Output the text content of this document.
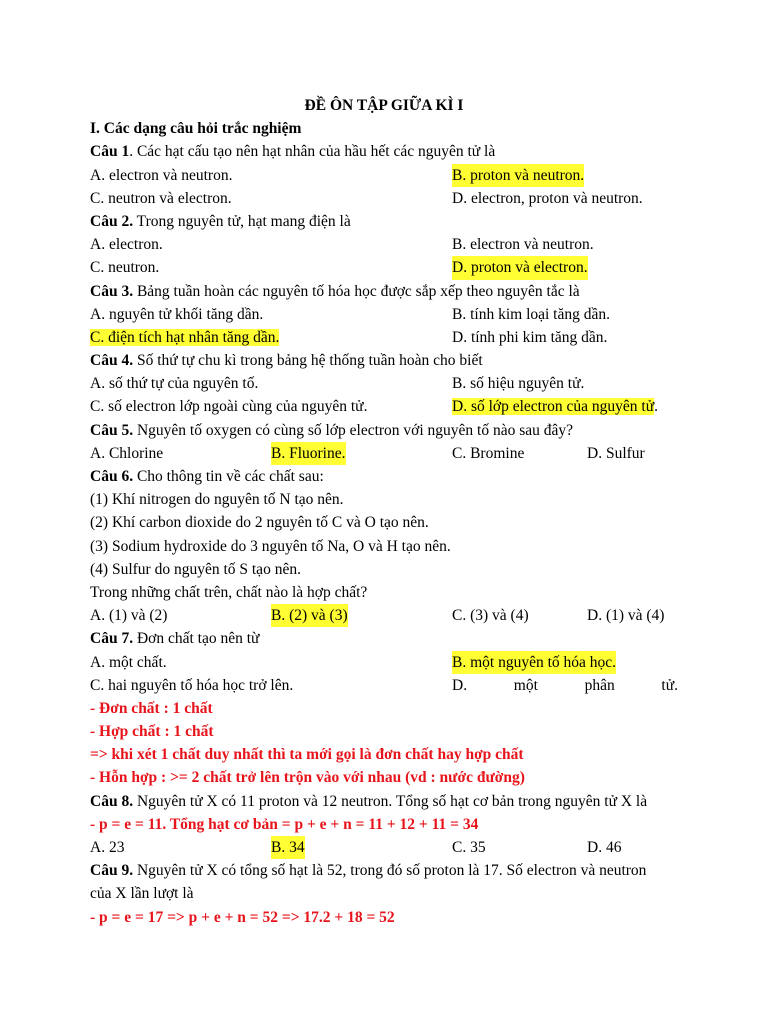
ĐỀ ÔN TẬP GIỮA KÌ I
I. Các dạng câu hỏi trắc nghiệm
Câu 1. Các hạt cấu tạo nên hạt nhân của hầu hết các nguyên tử là
A. electron và neutron.	B. proton và neutron.
C. neutron và electron.	D. electron, proton và neutron.
Câu 2. Trong nguyên tử, hạt mang điện là
A. electron.	B. electron và neutron.
C. neutron.	D. proton và electron.
Câu 3. Bảng tuần hoàn các nguyên tố hóa học được sắp xếp theo nguyên tắc là
A. nguyên tử khối tăng dần.	B. tính kim loại tăng dần.
C. điện tích hạt nhân tăng dần.	D. tính phi kim tăng dần.
Câu 4. Số thứ tự chu kì trong bảng hệ thống tuần hoàn cho biết
A. số thứ tự của nguyên tố.	B. số hiệu nguyên tử.
C. số electron lớp ngoài cùng của nguyên tử.	D. số lớp electron của nguyên tử.
Câu 5. Nguyên tố oxygen có cùng số lớp electron với nguyên tố nào sau đây?
A. Chlorine	B. Fluorine.	C. Bromine	D. Sulfur
Câu 6. Cho thông tin về các chất sau:
(1) Khí nitrogen do nguyên tố N tạo nên.
(2) Khí carbon dioxide do 2 nguyên tố C và O tạo nên.
(3) Sodium hydroxide do 3 nguyên tố Na, O và H tạo nên.
(4) Sulfur do nguyên tố S tạo nên.
Trong những chất trên, chất nào là hợp chất?
A. (1) và (2)	B. (2) và (3)	C. (3) và (4)	D. (1) và (4)
Câu 7. Đơn chất tạo nên từ
A. một chất.	B. một nguyên tố hóa học.
C. hai nguyên tố hóa học trở lên.	D.	một	phân	tử.
- Đơn chất : 1 chất
- Hợp chất : 1 chất
=> khi xét 1 chất duy nhất thì ta mới gọi là đơn chất hay hợp chất
- Hỗn hợp : >= 2 chất trở lên trộn vào với nhau (vd : nước đường)
Câu 8. Nguyên tử X có 11 proton và 12 neutron. Tổng số hạt cơ bản trong nguyên tử X là
- p = e = 11. Tổng hạt cơ bản = p + e + n = 11 + 12 + 11 = 34
A. 23	B. 34	C. 35	D. 46
Câu 9. Nguyên tử X có tổng số hạt là 52, trong đó số proton là 17. Số electron và neutron
của X lần lượt là
- p = e = 17 => p + e + n = 52 => 17.2 + 18 = 52
